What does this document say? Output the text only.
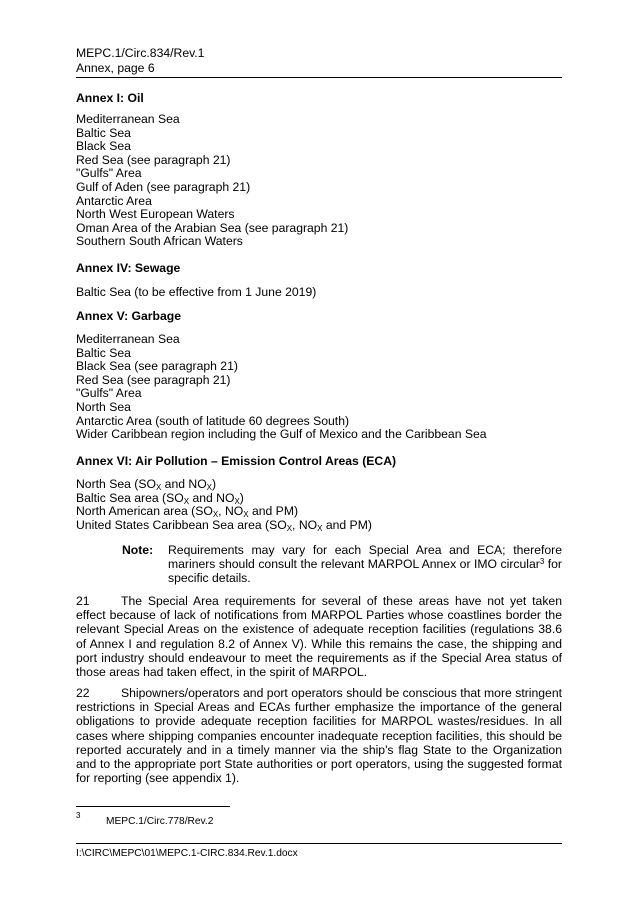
MEPC.1/Circ.834/Rev.1
Annex, page 6
Annex I: Oil
Mediterranean Sea
Baltic Sea
Black Sea
Red Sea (see paragraph 21)
"Gulfs" Area
Gulf of Aden (see paragraph 21)
Antarctic Area
North West European Waters
Oman Area of the Arabian Sea (see paragraph 21)
Southern South African Waters
Annex IV: Sewage
Baltic Sea (to be effective from 1 June 2019)
Annex V: Garbage
Mediterranean Sea
Baltic Sea
Black Sea (see paragraph 21)
Red Sea (see paragraph 21)
"Gulfs" Area
North Sea
Antarctic Area (south of latitude 60 degrees South)
Wider Caribbean region including the Gulf of Mexico and the Caribbean Sea
Annex VI: Air Pollution – Emission Control Areas (ECA)
North Sea ($SO_X$ and $NO_X$)
Baltic Sea area ($SO_X$ and $NO_X$)
North American area ($SO_X$, $NO_X$ and PM)
United States Caribbean Sea area ($SO_X$, $NO_X$ and PM)
Note: Requirements may vary for each Special Area and ECA; therefore mariners should consult the relevant MARPOL Annex or IMO circular$^3$ for specific details.
21	The Special Area requirements for several of these areas have not yet taken effect because of lack of notifications from MARPOL Parties whose coastlines border the relevant Special Areas on the existence of adequate reception facilities (regulations 38.6 of Annex I and regulation 8.2 of Annex V). While this remains the case, the shipping and port industry should endeavour to meet the requirements as if the Special Area status of those areas had taken effect, in the spirit of MARPOL.
22	Shipowners/operators and port operators should be conscious that more stringent restrictions in Special Areas and ECAs further emphasize the importance of the general obligations to provide adequate reception facilities for MARPOL wastes/residues. In all cases where shipping companies encounter inadequate reception facilities, this should be reported accurately and in a timely manner via the ship's flag State to the Organization and to the appropriate port State authorities or port operators, using the suggested format for reporting (see appendix 1).
3
MEPC.1/Circ.778/Rev.2
I:\CIRC\MEPC\01\MEPC.1-CIRC.834.Rev.1.docx
